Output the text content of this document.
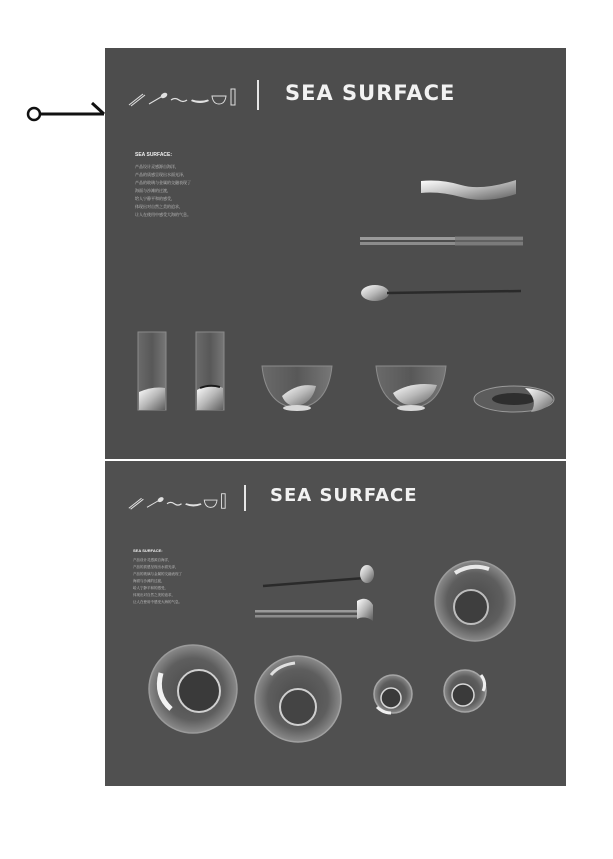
SEA SURFACE
SEA SURFACE:
产品设计灵感源自海洋，
产品的质感呈现出水面光泽，
产品的玻璃与金属的交融表现了
海面与沙滩的过渡，
给人宁静平和的感受，
体现出对自然之美的追求，
让人在使用中感受大海的气息。
SEA SURFACE
SEA SURFACE:
产品设计灵感源自海洋，
产品的质感呈现出水面光泽，
产品的玻璃与金属的交融表现了
海面与沙滩的过渡，
给人宁静平和的感受，
体现出对自然之美的追求，
让人在使用中感受大海的气息。
